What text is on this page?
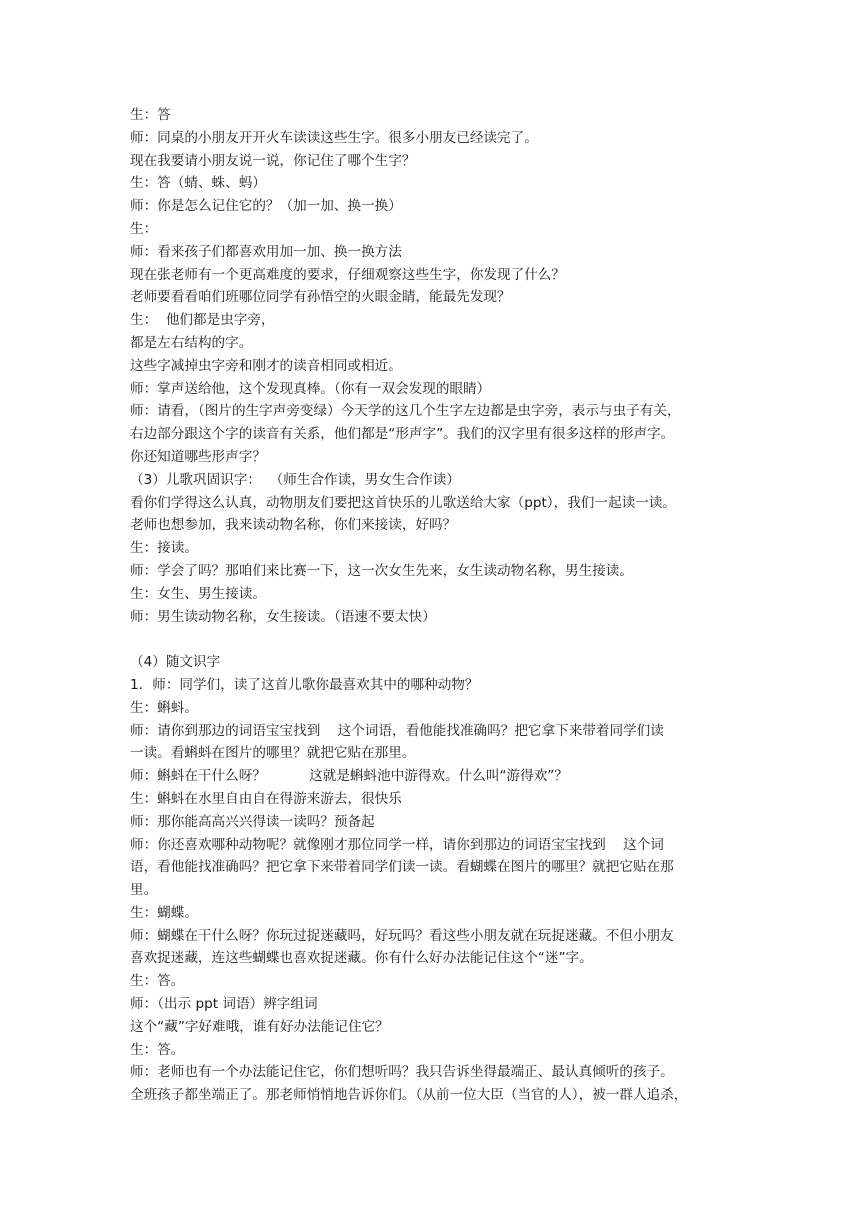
生：答
师：同桌的小朋友开开火车读读这些生字。很多小朋友已经读完了。
现在我要请小朋友说一说，你记住了哪个生字？
生：答（蜻、蛛、蚂）
师：你是怎么记住它的？（加一加、换一换）
生：
师：看来孩子们都喜欢用加一加、换一换方法
现在张老师有一个更高难度的要求，仔细观察这些生字，你发现了什么？
老师要看看咱们班哪位同学有孙悟空的火眼金睛，能最先发现？
生：  他们都是虫字旁，
都是左右结构的字。
这些字减掉虫字旁和刚才的读音相同或相近。
师：掌声送给他，这个发现真棒。（你有一双会发现的眼睛）
师：请看，（图片的生字声旁变绿）今天学的这几个生字左边都是虫字旁，表示与虫子有关，
右边部分跟这个字的读音有关系，他们都是“形声字”。我们的汉字里有很多这样的形声字。
你还知道哪些形声字？
（3）儿歌巩固识字：  （师生合作读，男女生合作读）
看你们学得这么认真，动物朋友们要把这首快乐的儿歌送给大家（ppt），我们一起读一读。
老师也想参加，我来读动物名称，你们来接读，好吗？
生：接读。
师：学会了吗？那咱们来比赛一下，这一次女生先来，女生读动物名称，男生接读。
生：女生、男生接读。
师：男生读动物名称，女生接读。（语速不要太快）
（4）随文识字
1．师：同学们，读了这首儿歌你最喜欢其中的哪种动物？
生：蝌蚪。
师：请你到那边的词语宝宝找到    这个词语，看他能找准确吗？把它拿下来带着同学们读
一读。看蝌蚪在图片的哪里？就把它贴在那里。
师：蝌蚪在干什么呀？          这就是蝌蚪池中游得欢。什么叫“游得欢”？
生：蝌蚪在水里自由自在得游来游去，很快乐
师：那你能高高兴兴得读一读吗？预备起
师：你还喜欢哪种动物呢？就像刚才那位同学一样，请你到那边的词语宝宝找到    这个词
语，看他能找准确吗？把它拿下来带着同学们读一读。看蝴蝶在图片的哪里？就把它贴在那
里。
生：蝴蝶。
师：蝴蝶在干什么呀？你玩过捉迷藏吗，好玩吗？看这些小朋友就在玩捉迷藏。不但小朋友
喜欢捉迷藏，连这些蝴蝶也喜欢捉迷藏。你有什么好办法能记住这个“迷”字。
生：答。
师：（出示 ppt 词语）辨字组词
这个“藏”字好难哦，谁有好办法能记住它？
生：答。
师：老师也有一个办法能记住它，你们想听吗？我只告诉坐得最端正、最认真倾听的孩子。
全班孩子都坐端正了。那老师悄悄地告诉你们。（从前一位大臣（当官的人），被一群人追杀，
